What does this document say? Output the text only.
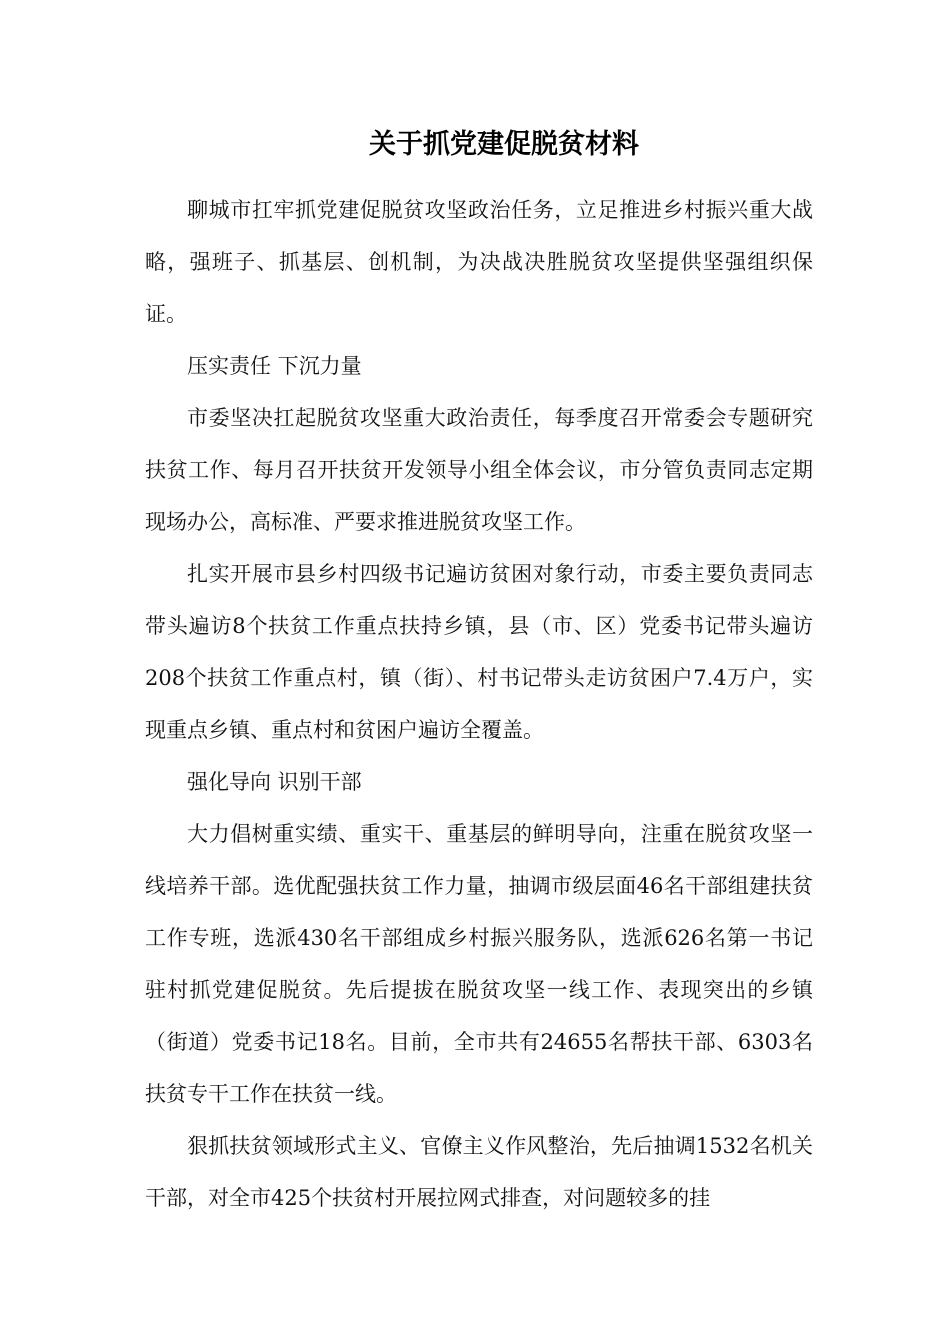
关于抓党建促脱贫材料

聊城市扛牢抓党建促脱贫攻坚政治任务，立足推进乡村振兴重大战略，强班子、抓基层、创机制，为决战决胜脱贫攻坚提供坚强组织保证。

压实责任 下沉力量

市委坚决扛起脱贫攻坚重大政治责任，每季度召开常委会专题研究扶贫工作、每月召开扶贫开发领导小组全体会议，市分管负责同志定期现场办公，高标准、严要求推进脱贫攻坚工作。

扎实开展市县乡村四级书记遍访贫困对象行动，市委主要负责同志带头遍访8个扶贫工作重点扶持乡镇，县（市、区）党委书记带头遍访208个扶贫工作重点村，镇（街）、村书记带头走访贫困户7.4万户，实现重点乡镇、重点村和贫困户遍访全覆盖。

强化导向 识别干部

大力倡树重实绩、重实干、重基层的鲜明导向，注重在脱贫攻坚一线培养干部。选优配强扶贫工作力量，抽调市级层面46名干部组建扶贫工作专班，选派430名干部组成乡村振兴服务队，选派626名第一书记驻村抓党建促脱贫。先后提拔在脱贫攻坚一线工作、表现突出的乡镇（街道）党委书记18名。目前，全市共有24655名帮扶干部、6303名扶贫专干工作在扶贫一线。

狠抓扶贫领域形式主义、官僚主义作风整治，先后抽调1532名机关干部，对全市425个扶贫村开展拉网式排查，对问题较多的挂
